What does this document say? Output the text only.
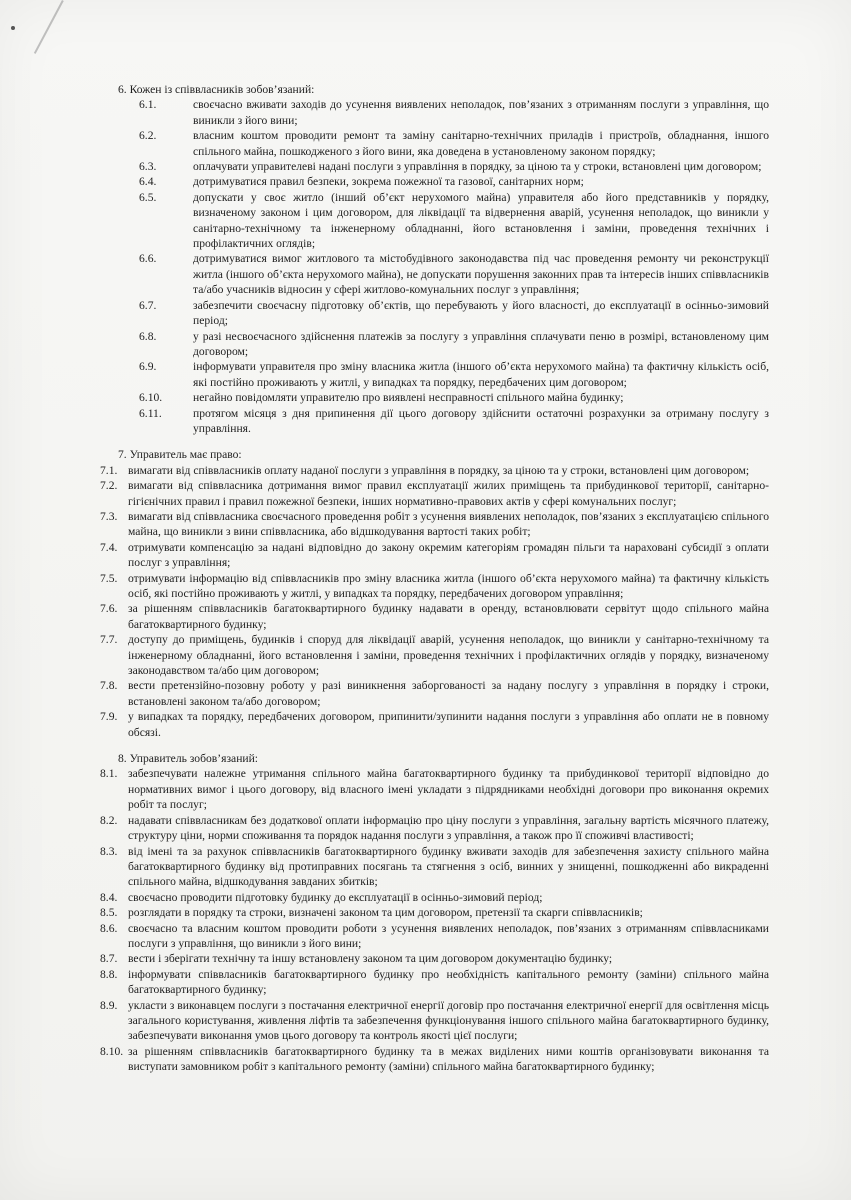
6. Кожен із співвласників зобов’язаний:

6.1.	своєчасно вживати заходів до усунення виявлених неполадок, пов’язаних з отриманням послуги з управління, що виникли з його вини;
6.2.	власним коштом проводити ремонт та заміну санітарно-технічних приладів і пристроїв, обладнання, іншого спільного майна, пошкодженого з його вини, яка доведена в установленому законом порядку;
6.3.	оплачувати управителеві надані послуги з управління в порядку, за ціною та у строки, встановлені цим договором;
6.4.	дотримуватися правил безпеки, зокрема пожежної та газової, санітарних норм;
6.5.	допускати у своє житло (інший об’єкт нерухомого майна) управителя або його представників у порядку, визначеному законом і цим договором, для ліквідації та відвернення аварій, усунення неполадок, що виникли у санітарно-технічному та інженерному обладнанні, його встановлення і заміни, проведення технічних і профілактичних оглядів;
6.6.	дотримуватися вимог житлового та містобудівного законодавства під час проведення ремонту чи реконструкції житла (іншого об’єкта нерухомого майна), не допускати порушення законних прав та інтересів інших співвласників та/або учасників відносин у сфері житлово-комунальних послуг з управління;
6.7.	забезпечити своєчасну підготовку об’єктів, що перебувають у його власності, до експлуатації в осінньо-зимовий період;
6.8.	у разі несвоєчасного здійснення платежів за послугу з управління сплачувати пеню в розмірі, встановленому цим договором;
6.9.	інформувати управителя про зміну власника житла (іншого об’єкта нерухомого майна) та фактичну кількість осіб, які постійно проживають у житлі, у випадках та порядку, передбачених цим договором;
6.10.	негайно повідомляти управителю про виявлені несправності спільного майна будинку;
6.11.	протягом місяця з дня припинення дії цього договору здійснити остаточні розрахунки за отриману послугу з управління.

7. Управитель має право:

7.1. вимагати від співвласників оплату наданої послуги з управління в порядку, за ціною та у строки, встановлені цим договором;
7.2. вимагати від співвласника дотримання вимог правил експлуатації жилих приміщень та прибудинкової території, санітарно-гігієнічних правил і правил пожежної безпеки, інших нормативно-правових актів у сфері комунальних послуг;
7.3. вимагати від співвласника своєчасного проведення робіт з усунення виявлених неполадок, пов’язаних з експлуатацією спільного майна, що виникли з вини співвласника, або відшкодування вартості таких робіт;
7.4. отримувати компенсацію за надані відповідно до закону окремим категоріям громадян пільги та нараховані субсидії з оплати послуг з управління;
7.5. отримувати інформацію від співвласників про зміну власника житла (іншого об’єкта нерухомого майна) та фактичну кількість осіб, які постійно проживають у житлі, у випадках та порядку, передбачених договором управління;
7.6. за рішенням співвласників багатоквартирного будинку надавати в оренду, встановлювати сервітут щодо спільного майна багатоквартирного будинку;
7.7. доступу до приміщень, будинків і споруд для ліквідації аварій, усунення неполадок, що виникли у санітарно-технічному та інженерному обладнанні, його встановлення і заміни, проведення технічних і профілактичних оглядів у порядку, визначеному законодавством та/або цим договором;
7.8. вести претензійно-позовну роботу у разі виникнення заборгованості за надану послугу з управління в порядку і строки, встановлені законом та/або договором;
7.9. у випадках та порядку, передбачених договором, припинити/зупинити надання послуги з управління або оплати не в повному обсязі.

8. Управитель зобов’язаний:

8.1. забезпечувати належне утримання спільного майна багатоквартирного будинку та прибудинкової території відповідно до нормативних вимог і цього договору, від власного імені укладати з підрядниками необхідні договори про виконання окремих робіт та послуг;
8.2. надавати співвласникам без додаткової оплати інформацію про ціну послуги з управління, загальну вартість місячного платежу, структуру ціни, норми споживання та порядок надання послуги з управління, а також про її споживчі властивості;
8.3. від імені та за рахунок співвласників багатоквартирного будинку вживати заходів для забезпечення захисту спільного майна багатоквартирного будинку від протиправних посягань та стягнення з осіб, винних у знищенні, пошкодженні або викраденні спільного майна, відшкодування завданих збитків;
8.4. своєчасно проводити підготовку будинку до експлуатації в осінньо-зимовий період;
8.5. розглядати в порядку та строки, визначені законом та цим договором, претензії та скарги співвласників;
8.6. своєчасно та власним коштом проводити роботи з усунення виявлених неполадок, пов’язаних з отриманням співвласниками послуги з управління, що виникли з його вини;
8.7. вести і зберігати технічну та іншу встановлену законом та цим договором документацію будинку;
8.8. інформувати співвласників багатоквартирного будинку про необхідність капітального ремонту (заміни) спільного майна багатоквартирного будинку;
8.9. укласти з виконавцем послуги з постачання електричної енергії договір про постачання електричної енергії для освітлення місць загального користування, живлення ліфтів та забезпечення функціонування іншого спільного майна багатоквартирного будинку, забезпечувати виконання умов цього договору та контроль якості цієї послуги;
8.10. за рішенням співвласників багатоквартирного будинку та в межах виділених ними коштів організовувати виконання та виступати замовником робіт з капітального ремонту (заміни) спільного майна багатоквартирного будинку;
